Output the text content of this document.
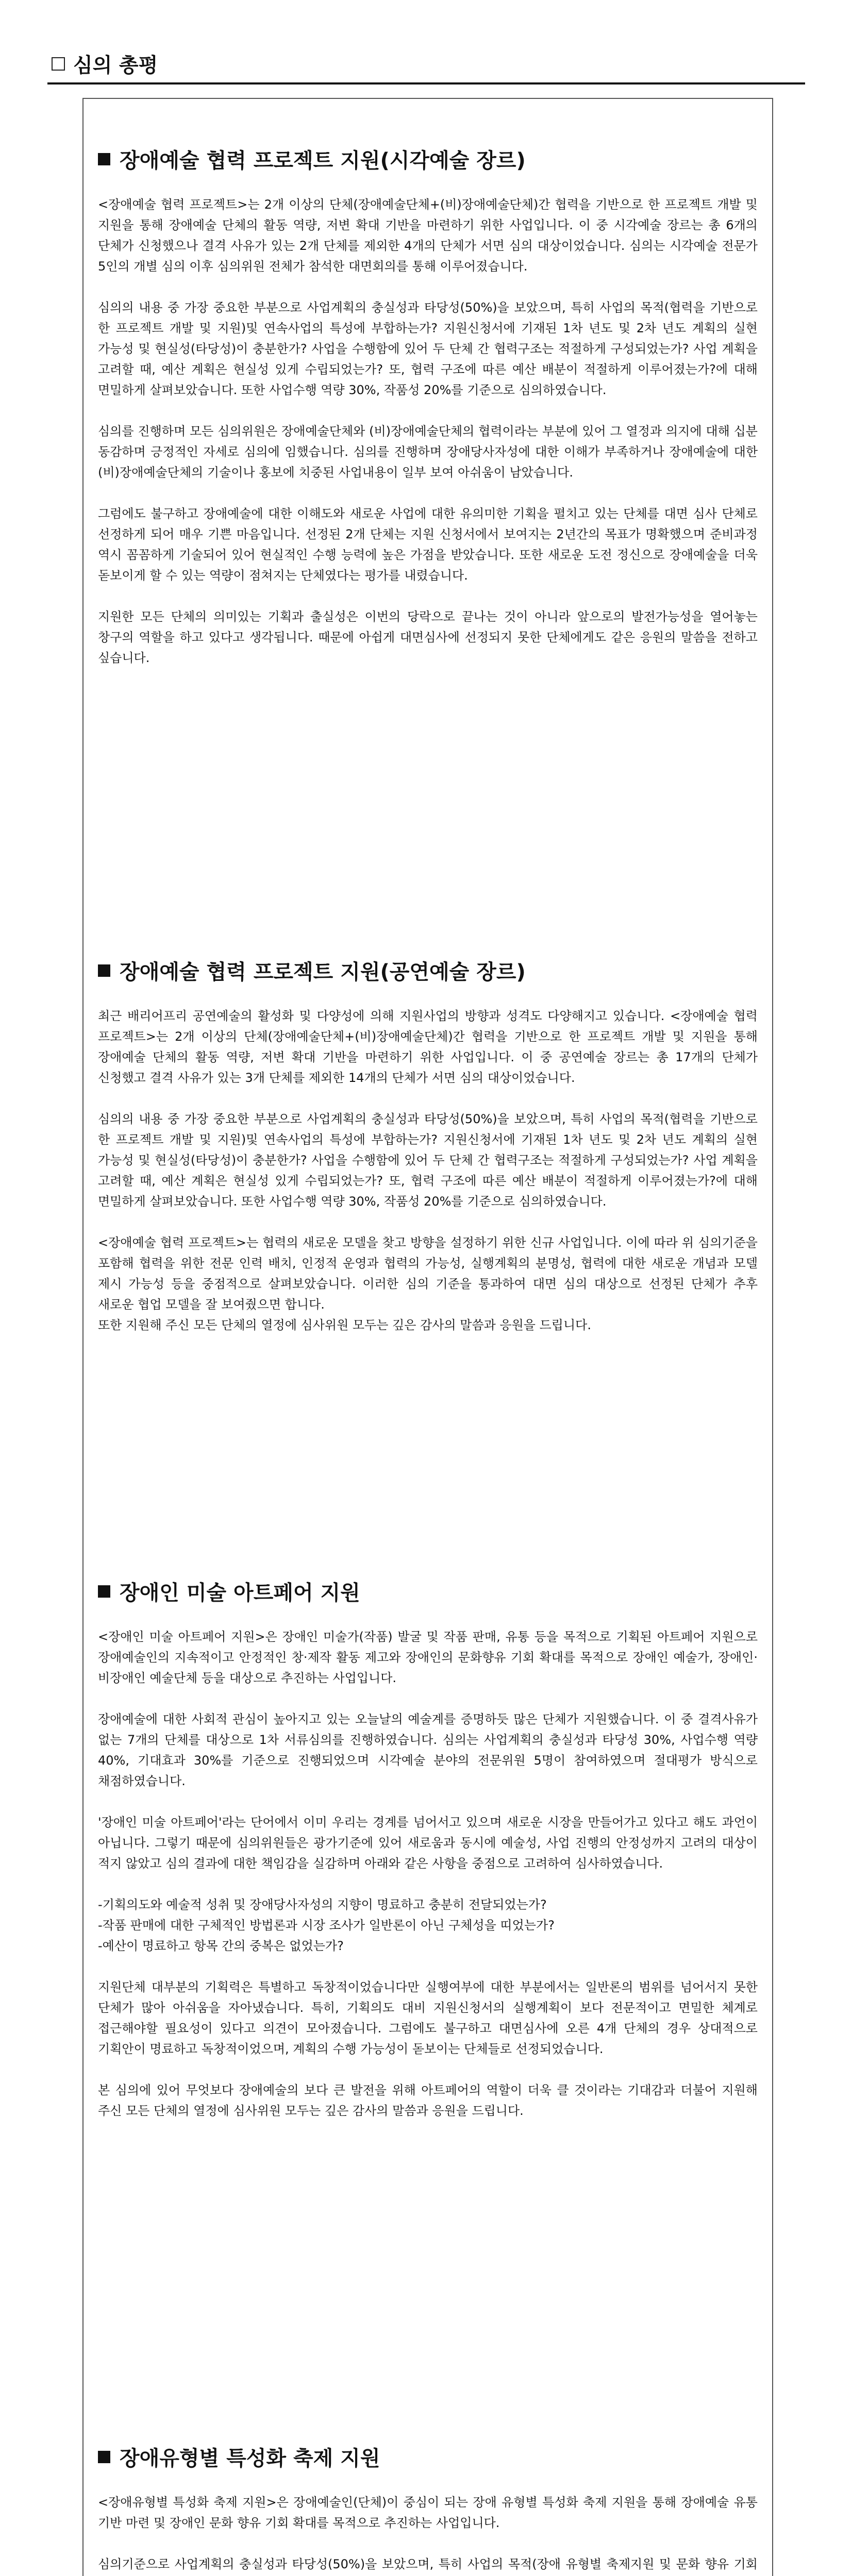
심의 총평
장애예술 협력 프로젝트 지원(시각예술 장르)

<장애예술 협력 프로젝트>는 2개 이상의 단체(장애예술단체+(비)장애예술단체)간 협력을 기반으로 한 프로젝트 개발 및 지원을 통해 장애예술 단체의 활동 역량, 저변 확대 기반을 마련하기 위한 사업입니다. 이 중 시각예술 장르는 총 6개의 단체가 신청했으나 결격 사유가 있는 2개 단체를 제외한 4개의 단체가 서면 심의 대상이었습니다. 심의는 시각예술 전문가 5인의 개별 심의 이후 심의위원 전체가 참석한 대면회의를 통해 이루어졌습니다.

심의의 내용 중 가장 중요한 부분으로 사업계획의 충실성과 타당성(50%)을 보았으며, 특히 사업의 목적(협력을 기반으로 한 프로젝트 개발 및 지원)및 연속사업의 특성에 부합하는가? 지원신청서에 기재된 1차 년도 및 2차 년도 계획의 실현 가능성 및 현실성(타당성)이 충분한가? 사업을 수행함에 있어 두 단체 간 협력구조는 적절하게 구성되었는가? 사업 계획을 고려할 때, 예산 계획은 현실성 있게 수립되었는가? 또, 협력 구조에 따른 예산 배분이 적절하게 이루어졌는가?에 대해 면밀하게 살펴보았습니다. 또한 사업수행 역량 30%, 작품성 20%를 기준으로 심의하였습니다.

심의를 진행하며 모든 심의위원은 장애예술단체와 (비)장애예술단체의 협력이라는 부분에 있어 그 열정과 의지에 대해 십분 동감하며 긍정적인 자세로 심의에 임했습니다. 심의를 진행하며 장애당사자성에 대한 이해가 부족하거나 장애예술에 대한 (비)장애예술단체의 기술이나 홍보에 치중된 사업내용이 일부 보여 아쉬움이 남았습니다.

그럼에도 불구하고 장애예술에 대한 이해도와 새로운 사업에 대한 유의미한 기획을 펼치고 있는 단체를 대면 심사 단체로 선정하게 되어 매우 기쁜 마음입니다. 선정된 2개 단체는 지원 신청서에서 보여지는 2년간의 목표가 명확했으며 준비과정 역시 꼼꼼하게 기술되어 있어 현실적인 수행 능력에 높은 가점을 받았습니다. 또한 새로운 도전 정신으로 장애예술을 더욱 돋보이게 할 수 있는 역량이 점쳐지는 단체였다는 평가를 내렸습니다.

지원한 모든 단체의 의미있는 기획과 출실성은 이번의 당락으로 끝나는 것이 아니라 앞으로의 발전가능성을 열어놓는 창구의 역할을 하고 있다고 생각됩니다. 때문에 아쉽게 대면심사에 선정되지 못한 단체에게도 같은 응원의 말씀을 전하고 싶습니다.

장애예술 협력 프로젝트 지원(공연예술 장르)

최근 배리어프리 공연예술의 활성화 및 다양성에 의해 지원사업의 방향과 성격도 다양해지고 있습니다. <장애예술 협력 프로젝트>는 2개 이상의 단체(장애예술단체+(비)장애예술단체)간 협력을 기반으로 한 프로젝트 개발 및 지원을 통해 장애예술 단체의 활동 역량, 저변 확대 기반을 마련하기 위한 사업입니다. 이 중 공연예술 장르는 총 17개의 단체가 신청했고 결격 사유가 있는 3개 단체를 제외한 14개의 단체가 서면 심의 대상이었습니다.

심의의 내용 중 가장 중요한 부분으로 사업계획의 충실성과 타당성(50%)을 보았으며, 특히 사업의 목적(협력을 기반으로 한 프로젝트 개발 및 지원)및 연속사업의 특성에 부합하는가? 지원신청서에 기재된 1차 년도 및 2차 년도 계획의 실현 가능성 및 현실성(타당성)이 충분한가? 사업을 수행함에 있어 두 단체 간 협력구조는 적절하게 구성되었는가? 사업 계획을 고려할 때, 예산 계획은 현실성 있게 수립되었는가? 또, 협력 구조에 따른 예산 배분이 적절하게 이루어졌는가?에 대해 면밀하게 살펴보았습니다. 또한 사업수행 역량 30%, 작품성 20%를 기준으로 심의하였습니다.

<장애예술 협력 프로젝트>는 협력의 새로운 모델을 찾고 방향을 설정하기 위한 신규 사업입니다. 이에 따라 위 심의기준을 포함해 협력을 위한 전문 인력 배치, 인정적 운영과 협력의 가능성, 실행계획의 분명성, 협력에 대한 새로운 개념과 모델 제시 가능성 등을 중점적으로 살펴보았습니다. 이러한 심의 기준을 통과하여 대면 심의 대상으로 선정된 단체가 추후 새로운 협업 모델을 잘 보여줬으면 합니다.

또한 지원해 주신 모든 단체의 열정에 심사위원 모두는 깊은 감사의 말씀과 응원을 드립니다.

장애인 미술 아트페어 지원

<장애인 미술 아트페어 지원>은 장애인 미술가(작품) 발굴 및 작품 판매, 유통 등을 목적으로 기획된 아트페어 지원으로 장애예술인의 지속적이고 안정적인 창·제작 활동 제고와 장애인의 문화향유 기회 확대를 목적으로 장애인 예술가, 장애인·비장애인 예술단체 등을 대상으로 추진하는 사업입니다.

장애예술에 대한 사회적 관심이 높아지고 있는 오늘날의 예술계를 증명하듯 많은 단체가 지원했습니다. 이 중 결격사유가 없는 7개의 단체를 대상으로 1차 서류심의를 진행하였습니다. 심의는 사업계획의 충실성과 타당성 30%, 사업수행 역량 40%, 기대효과 30%를 기준으로 진행되었으며 시각예술 분야의 전문위원 5명이 참여하였으며 절대평가 방식으로 채점하였습니다.

'장애인 미술 아트페어'라는 단어에서 이미 우리는 경계를 넘어서고 있으며 새로운 시장을 만들어가고 있다고 해도 과언이 아닙니다. 그렇기 때문에 심의위원들은 광가기준에 있어 새로움과 동시에 예술성, 사업 진행의 안정성까지 고려의 대상이 적지 않았고 심의 결과에 대한 책임감을 실감하며 아래와 같은 사항을 중점으로 고려하여 심사하였습니다.

-기획의도와 예술적 성취 및 장애당사자성의 지향이 명료하고 충분히 전달되었는가?
-작품 판매에 대한 구체적인 방법론과 시장 조사가 일반론이 아닌 구체성을 띠었는가?
-예산이 명료하고 항목 간의 중복은 없었는가?

지원단체 대부분의 기획력은 특별하고 독창적이었습니다만 실행여부에 대한 부분에서는 일반론의 범위를 넘어서지 못한 단체가 많아 아쉬움을 자아냈습니다. 특히, 기획의도 대비 지원신청서의 실행계획이 보다 전문적이고 면밀한 체계로 접근해야할 필요성이 있다고 의견이 모아졌습니다. 그럼에도 불구하고 대면심사에 오른 4개 단체의 경우 상대적으로 기획안이 명료하고 독창적이었으며, 계획의 수행 가능성이 돋보이는 단체들로 선정되었습니다.

본 심의에 있어 무엇보다 장애예술의 보다 큰 발전을 위해 아트페어의 역할이 더욱 클 것이라는 기대감과 더불어 지원해 주신 모든 단체의 열정에 심사위원 모두는 깊은 감사의 말씀과 응원을 드립니다.

장애유형별 특성화 축제 지원

<장애유형별 특성화 축제 지원>은 장애예술인(단체)이 중심이 되는 장애 유형별 특성화 축제 지원을 통해 장애예술 유통 기반 마련 및 장애인 문화 향유 기회 확대를 목적으로 추진하는 사업입니다.

심의기준으로 사업계획의 충실성과 타당성(50%)을 보았으며, 특히 사업의 목적(장애 유형별 축제지원 및 문화 향유 기회
